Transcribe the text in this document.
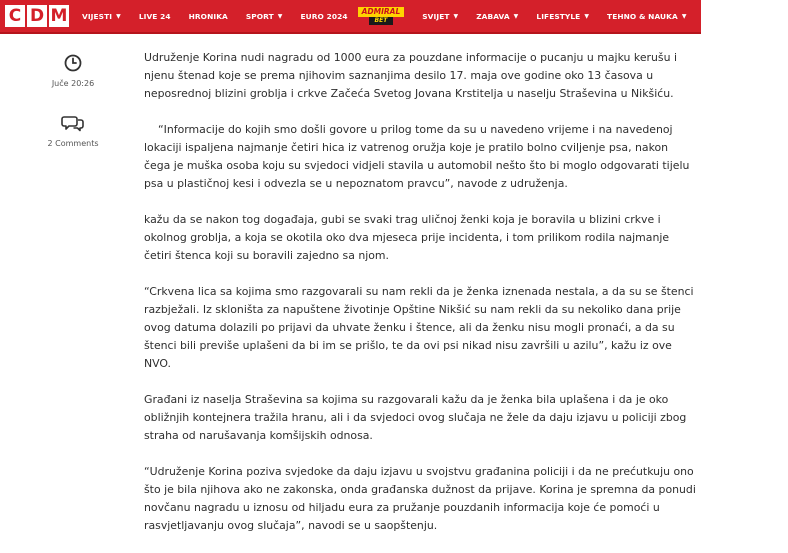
C D M VIJESTI ▼ LIVE 24 HRONIKA SPORT ▼ EURO 2024	ADMIRAL
BET	SVIJET ▼ ZABAVA ▼ LIFESTYLE ▼ TEHNO & NAUKA ▼ GRAD AUTO
Juče 20:26
2 Comments

Udruženje Korina nudi nagradu od 1000 eura za pouzdane informacije o pucanju u majku kerušu i njenu štenad koje se prema njihovim saznanjima desilo 17. maja ove godine oko 13 časova u neposrednoj blizini groblja i crkve Začeća Svetog Jovana Krstitelja u naselju Straševina u Nikšiću.

“Informacije do kojih smo došli govore u prilog tome da su u navedeno vrijeme i na navedenoj lokaciji ispaljena najmanje četiri hica iz vatrenog oružja koje je pratilo bolno cviljenje psa, nakon čega je muška osoba koju su svjedoci vidjeli stavila u automobil nešto što bi moglo odgovarati tijelu psa u plastičnoj kesi i odvezla se u nepoznatom pravcu”, navode z udruženja.

kažu da se nakon tog događaja, gubi se svaki trag uličnoj ženki koja je boravila u blizini crkve i okolnog groblja, a koja se okotila oko dva mjeseca prije incidenta, i tom prilikom rodila najmanje četiri štenca koji su boravili zajedno sa njom.

“Crkvena lica sa kojima smo razgovarali su nam rekli da je ženka iznenada nestala, a da su se štenci razbježali. Iz skloništa za napuštene životinje Opštine Nikšić su nam rekli da su nekoliko dana prije ovog datuma dolazili po prijavi da uhvate ženku i štence, ali da ženku nisu mogli pronaći, a da su štenci bili previše uplašeni da bi im se prišlo, te da ovi psi nikad nisu završili u azilu”, kažu iz ove NVO.

Građani iz naselja Straševina sa kojima su razgovarali kažu da je ženka bila uplašena i da je oko obližnjih kontejnera tražila hranu, ali i da svjedoci ovog slučaja ne žele da daju izjavu u policiji zbog straha od narušavanja komšijskih odnosa.

“Udruženje Korina poziva svjedoke da daju izjavu u svojstvu građanina policiji i da ne prećutkuju ono što je bila njihova ako ne zakonska, onda građanska dužnost da prijave. Korina je spremna da ponudi novčanu nagradu u iznosu od hiljadu eura za pružanje pouzdanih informacija koje će pomoći u rasvjetljavanju ovog slučaja”, navodi se u saopštenju.
